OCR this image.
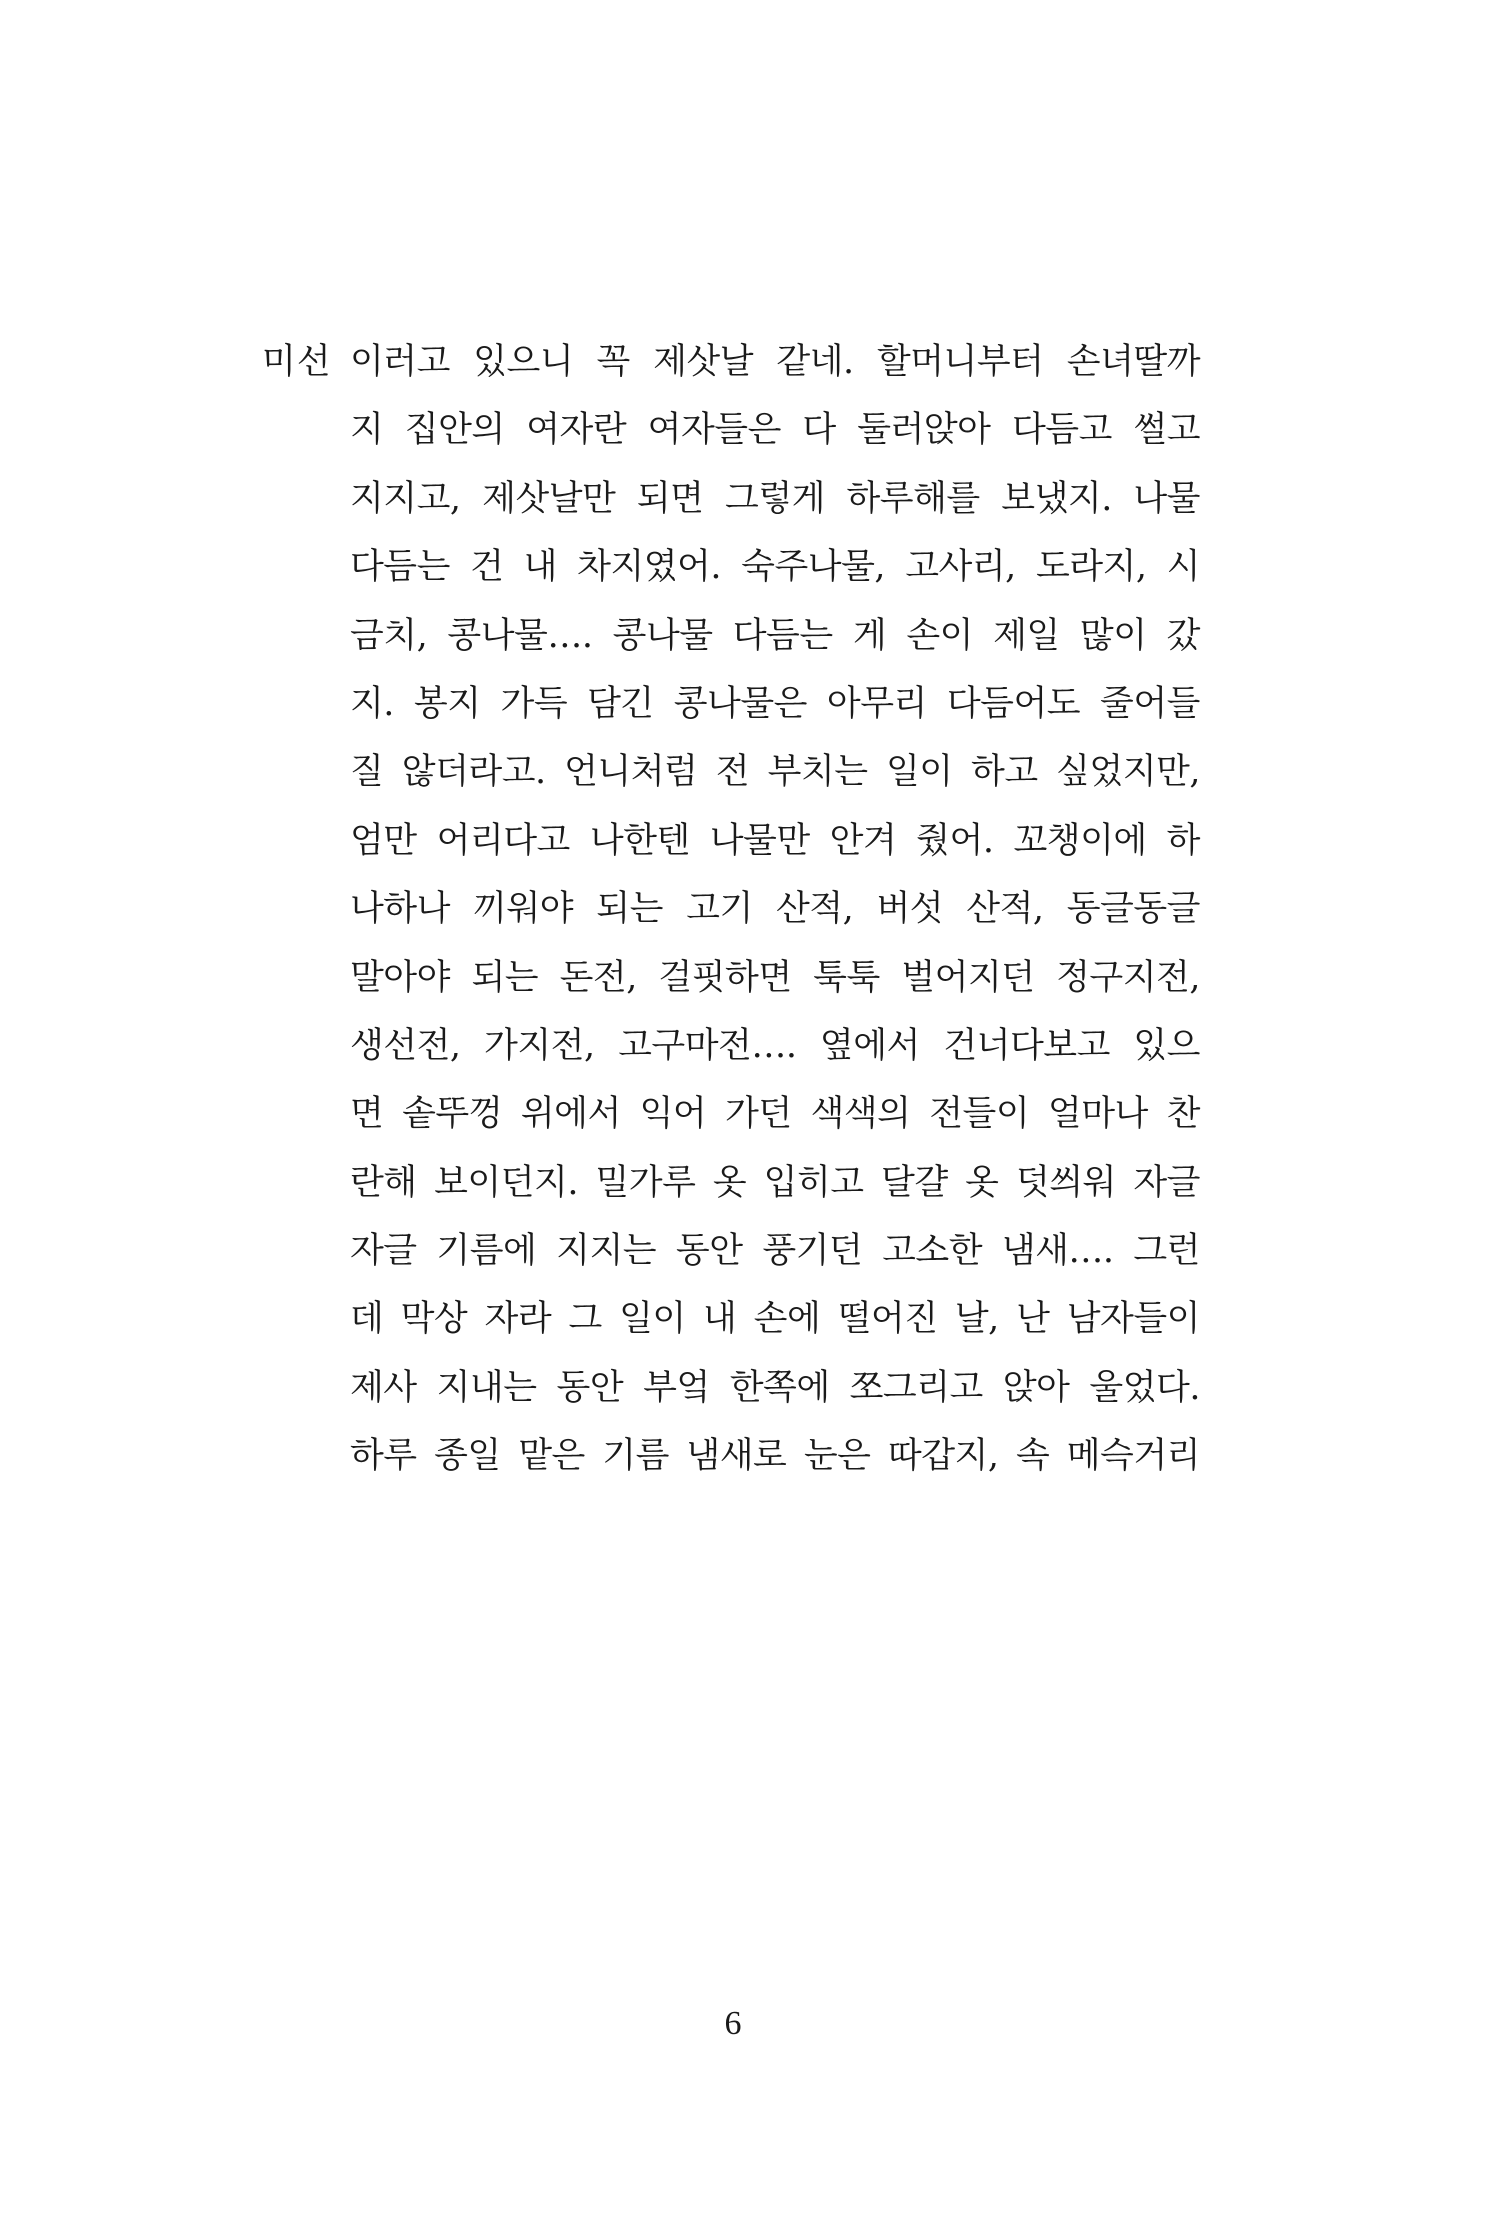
미선 이러고 있으니 꼭 제삿날 같네. 할머니부터 손녀딸까
지 집안의 여자란 여자들은 다 둘러앉아 다듬고 썰고
지지고, 제삿날만 되면 그렇게 하루해를 보냈지. 나물
다듬는 건 내 차지였어. 숙주나물, 고사리, 도라지, 시
금치, 콩나물…. 콩나물 다듬는 게 손이 제일 많이 갔
지. 봉지 가득 담긴 콩나물은 아무리 다듬어도 줄어들
질 않더라고. 언니처럼 전 부치는 일이 하고 싶었지만,
엄만 어리다고 나한텐 나물만 안겨 줬어. 꼬챙이에 하
나하나 끼워야 되는 고기 산적, 버섯 산적, 동글동글
말아야 되는 돈전, 걸핏하면 툭툭 벌어지던 정구지전,
생선전, 가지전, 고구마전…. 옆에서 건너다보고 있으
면 솥뚜껑 위에서 익어 가던 색색의 전들이 얼마나 찬
란해 보이던지. 밀가루 옷 입히고 달걀 옷 덧씌워 자글
자글 기름에 지지는 동안 풍기던 고소한 냄새…. 그런
데 막상 자라 그 일이 내 손에 떨어진 날, 난 남자들이
제사 지내는 동안 부엌 한쪽에 쪼그리고 앉아 울었다.
하루 종일 맡은 기름 냄새로 눈은 따갑지, 속 메슥거리
6
